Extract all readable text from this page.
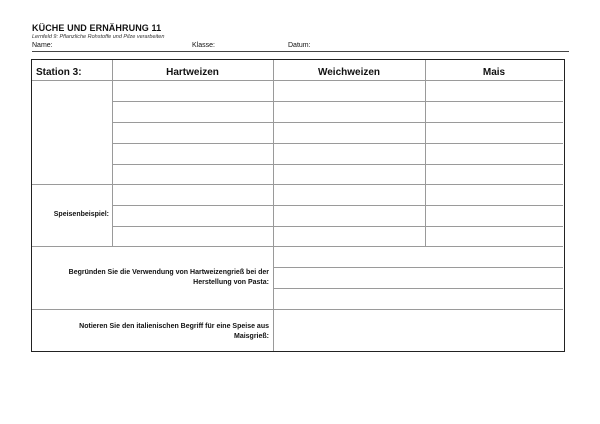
KÜCHE UND ERNÄHRUNG 11
Lernfeld 9: Pflanzliche Rohstoffe und Pilze verarbeiten
Name:	Klasse:	Datum:
Station 3:	Hartweizen	Weichweizen	Mais
Speisenbeispiel:
Begründen Sie die Verwendung von Hartweizengrieß bei der Herstellung von Pasta:
Notieren Sie den italienischen Begriff für eine Speise aus Maisgrieß:
